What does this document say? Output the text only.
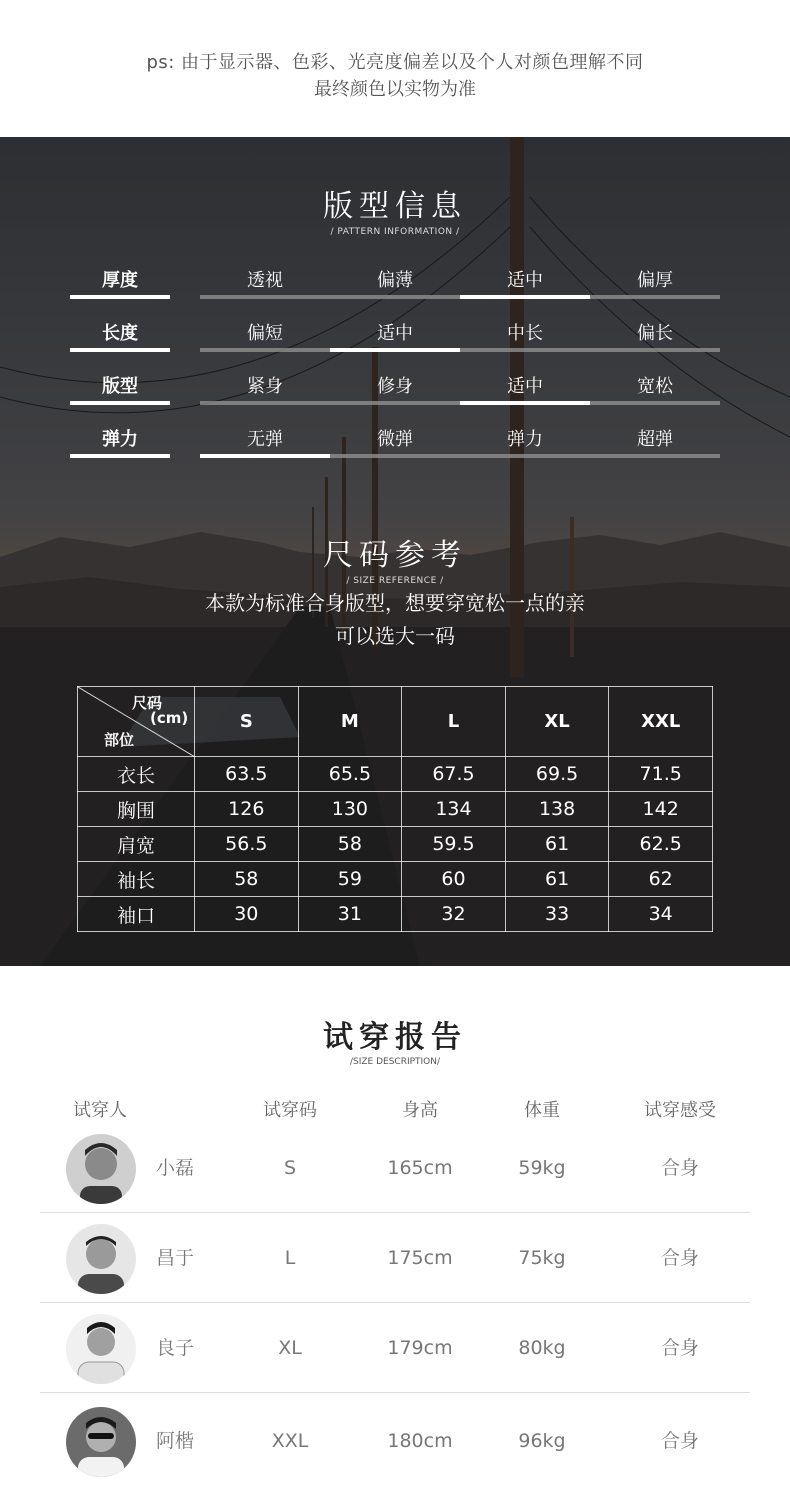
ps: 由于显示器、色彩、光亮度偏差以及个人对颜色理解不同
最终颜色以实物为准
版型信息
/ PATTERN INFORMATION /
厚度	透视	偏薄	适中	偏厚
长度	偏短	适中	中长	偏长
版型	紧身	修身	适中	宽松
弹力	无弹	微弹	弹力	超弹
尺码参考
/ SIZE REFERENCE /
本款为标准合身版型，想要穿宽松一点的亲
可以选大一码
尺码
(cm)
部位	S	M	L	XL	XXL
衣长	63.5	65.5	67.5	69.5	71.5
胸围	126	130	134	138	142
肩宽	56.5	58	59.5	61	62.5
袖长	58	59	60	61	62
袖口	30	31	32	33	34
试穿报告
/SIZE DESCRIPTION/
试穿人	试穿码	身高	体重	试穿感受
小磊	S	165cm	59kg	合身
昌于	L	175cm	75kg	合身
良子	XL	179cm	80kg	合身
阿楷	XXL	180cm	96kg	合身
